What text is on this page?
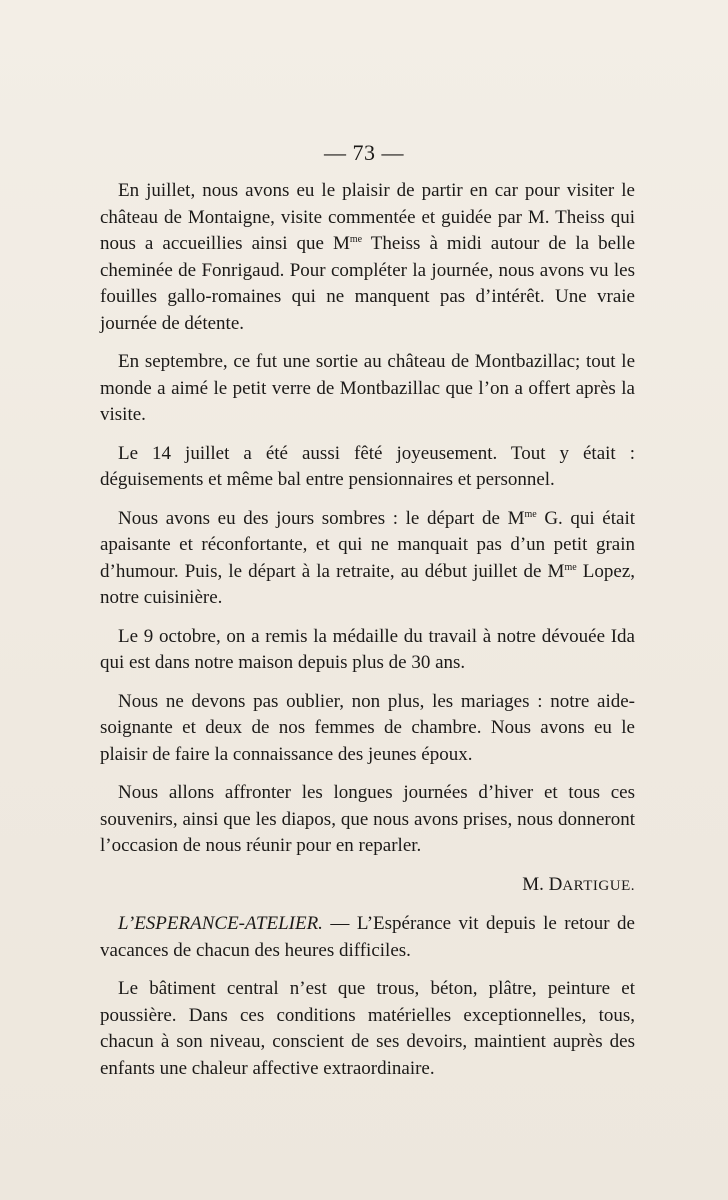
— 73 —

En juillet, nous avons eu le plaisir de partir en car pour visiter le château de Montaigne, visite commentée et guidée par M. Theiss qui nous a accueillies ainsi que $M^{me}$ Theiss à midi autour de la belle cheminée de Fonrigaud. Pour compléter la journée, nous avons vu les fouilles gallo-romaines qui ne manquent pas d’intérêt. Une vraie journée de détente.

En septembre, ce fut une sortie au château de Montbazillac; tout le monde a aimé le petit verre de Montbazillac que l’on a offert après la visite.

Le 14 juillet a été aussi fêté joyeusement. Tout y était : déguisements et même bal entre pensionnaires et personnel.

Nous avons eu des jours sombres : le départ de $M^{me}$ G. qui était apaisante et réconfortante, et qui ne manquait pas d’un petit grain d’humour. Puis, le départ à la retraite, au début juillet de $M^{me}$ Lopez, notre cuisinière.

Le 9 octobre, on a remis la médaille du travail à notre dévouée Ida qui est dans notre maison depuis plus de 30 ans.

Nous ne devons pas oublier, non plus, les mariages : notre aide-soignante et deux de nos femmes de chambre. Nous avons eu le plaisir de faire la connaissance des jeunes époux.

Nous allons affronter les longues journées d’hiver et tous ces souvenirs, ainsi que les diapos, que nous avons prises, nous donneront l’occasion de nous réunir pour en reparler.

M. DARTIGUE.

L’ESPERANCE-ATELIER. — L’Espérance vit depuis le retour de vacances de chacun des heures difficiles.

Le bâtiment central n’est que trous, béton, plâtre, peinture et poussière. Dans ces conditions matérielles exceptionnelles, tous, chacun à son niveau, conscient de ses devoirs, maintient auprès des enfants une chaleur affective extraordinaire.
